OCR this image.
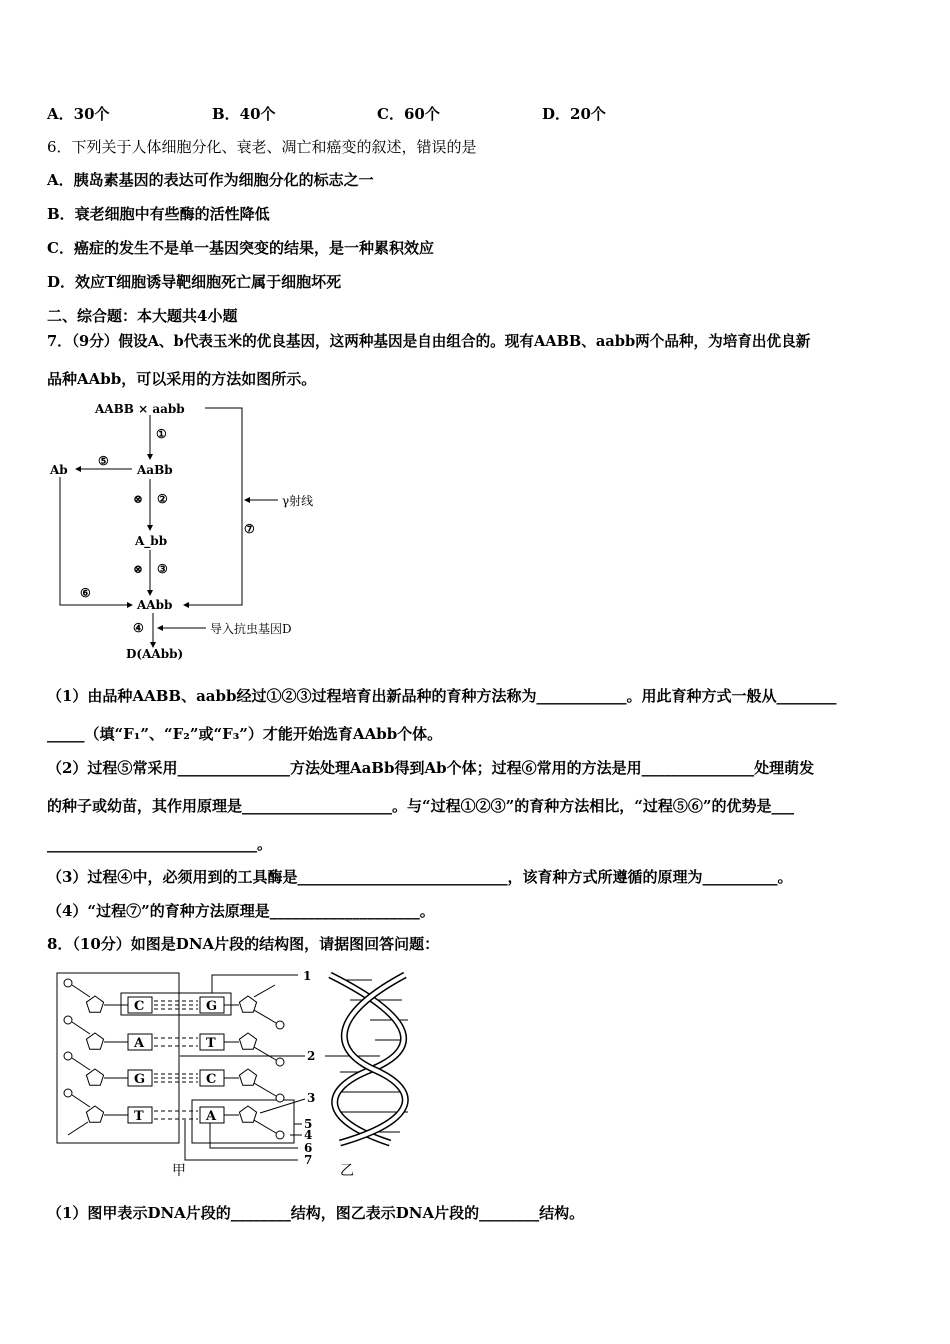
A．30个	B．40个	C．60个	D．20个
6．下列关于人体细胞分化、衰老、凋亡和癌变的叙述，错误的是
A．胰岛素基因的表达可作为细胞分化的标志之一
B．衰老细胞中有些酶的活性降低
C．癌症的发生不是单一基因突变的结果，是一种累积效应
D．效应T细胞诱导靶细胞死亡属于细胞坏死
二、综合题：本大题共4小题
7．（9分）假设A、b代表玉米的优良基因，这两种基因是自由组合的。现有AABB、aabb两个品种，为培育出优良新
品种AAbb，可以采用的方法如图所示。
AABB × aabb
①
AaBb
⑤
Ab
⊗ ②	γ射线
⑦
A_bb
⊗ ③
⑥
AAbb
④	导入抗虫基因D
D(AAbb)
（1）由品种AABB、aabb经过①②③过程培育出新品种的育种方法称为____________。用此育种方式一般从________
_____（填“F₁”、“F₂”或“F₃”）才能开始选育AAbb个体。
（2）过程⑤常采用_______________方法处理AaBb得到Ab个体；过程⑥常用的方法是用_______________处理萌发
的种子或幼苗，其作用原理是____________________。与“过程①②③”的育种方法相比，“过程⑤⑥”的优势是___
____________________________。
（3）过程④中，必须用到的工具酶是____________________________，该育种方式所遵循的原理为__________。
（4）“过程⑦”的育种方法原理是____________________。
8．（10分）如图是DNA片段的结构图，请据图回答问题：
C	G
A	T
G	C
T	A
1
2
3
4
5
6
7
甲	乙
（1）图甲表示DNA片段的________结构，图乙表示DNA片段的________结构。
